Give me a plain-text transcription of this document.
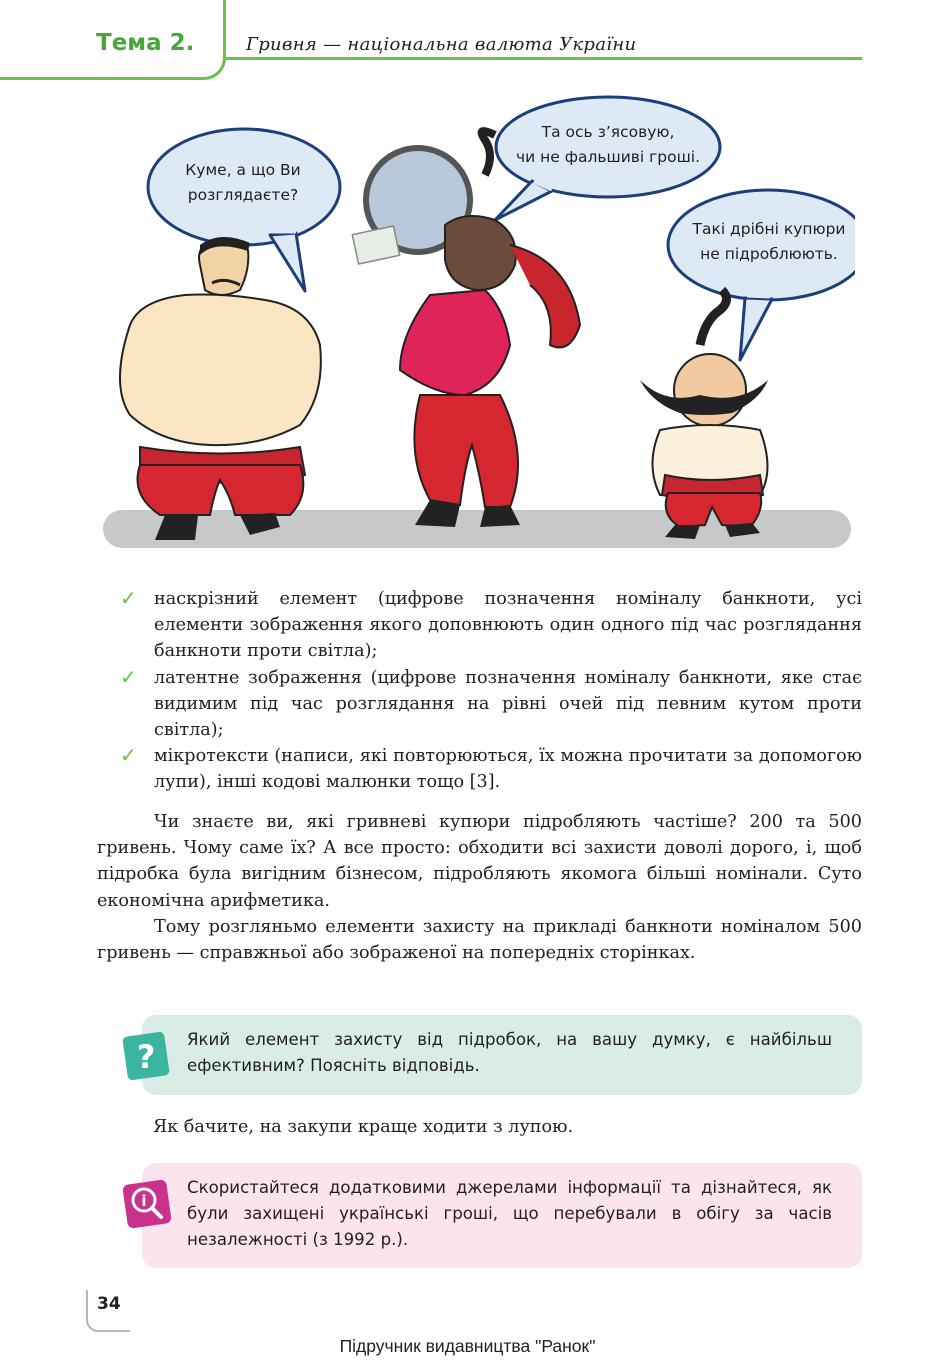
Тема 2.	Гривня — національна валюта України
Куме, а що Ви
розглядаєте?
Та ось з’ясовую,
чи не фальшиві гроші.
Такі дрібні купюри
не підроблюють.
✓ наскрізний елемент (цифрове позначення номіналу банкноти, усі елементи зображення якого доповнюють один одного під час розглядання банкноти проти світла);
✓ латентне зображення (цифрове позначення номіналу банкноти, яке стає видимим під час розглядання на рівні очей під певним кутом проти світла);
✓ мікротексти (написи, які повторюються, їх можна прочитати за допомогою лупи), інші кодові малюнки тощо [3].

Чи знаєте ви, які гривневі купюри підробляють частіше? 200 та 500 гривень. Чому саме їх? А все просто: обходити всі захисти доволі дорого, і, щоб підробка була вигідним бізнесом, підробляють якомога більші номінали. Суто економічна арифметика.

Тому розгляньмо елементи захисту на прикладі банкноти номіналом 500 гривень — справжньої або зображеної на попередніх сторінках.

? Який елемент захисту від підробок, на вашу думку, є найбільш ефективним? Поясніть відповідь.
Як бачите, на закупи краще ходити з лупою.
i
Скористайтеся додатковими джерелами інформації та дізнайтеся, як були захищені українські гроші, що перебували в обігу за часів незалежності (з 1992 р.).
34
Підручник видавництва "Ранок"
